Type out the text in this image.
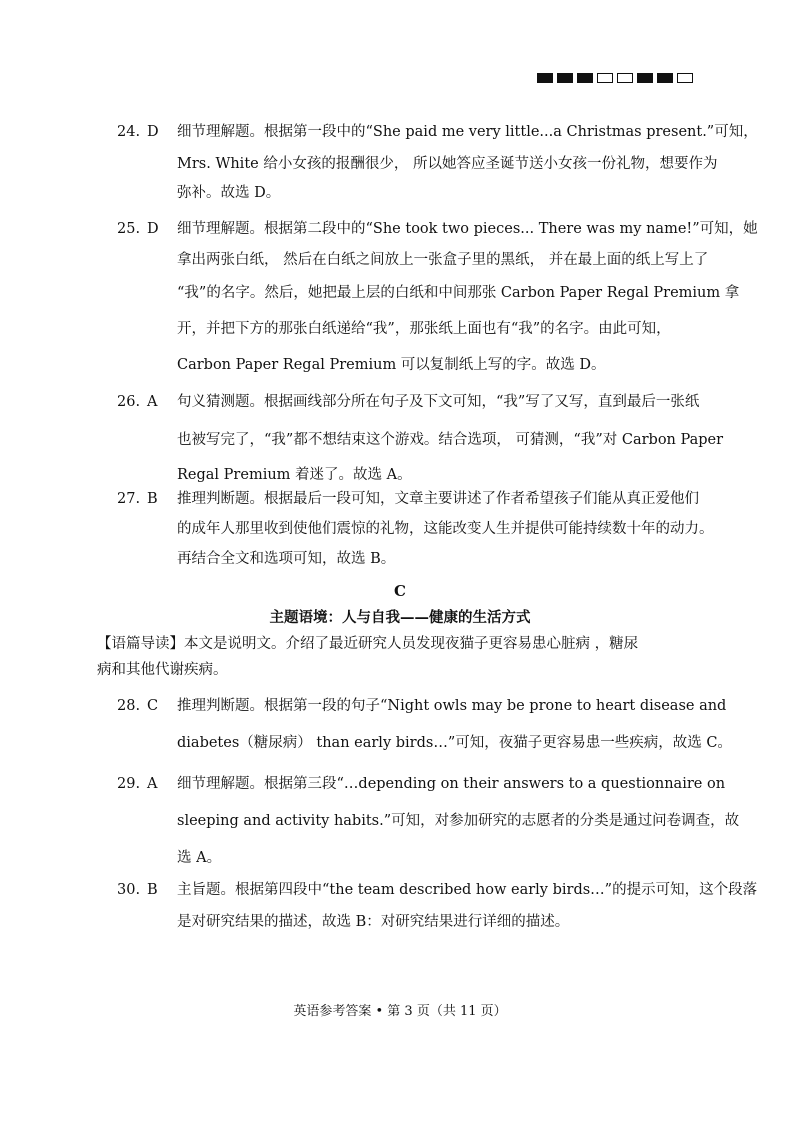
24. D	细节理解题。根据第一段中的“She paid me very little...a Christmas present.”可知，
Mrs. White 给小女孩的报酬很少， 所以她答应圣诞节送小女孩一份礼物，想要作为
弥补。故选 D。
25. D	细节理解题。根据第二段中的“She took two pieces... There was my name!”可知，她
拿出两张白纸， 然后在白纸之间放上一张盒子里的黑纸， 并在最上面的纸上写上了
“我”的名字。然后，她把最上层的白纸和中间那张 Carbon Paper Regal Premium 拿
开，并把下方的那张白纸递给“我”，那张纸上面也有“我”的名字。由此可知，
Carbon Paper Regal Premium 可以复制纸上写的字。故选 D。
26. A	句义猜测题。根据画线部分所在句子及下文可知，“我”写了又写，直到最后一张纸
也被写完了，“我”都不想结束这个游戏。结合选项， 可猜测，“我”对 Carbon Paper
Regal Premium 着迷了。故选 A。
27. B	推理判断题。根据最后一段可知，文章主要讲述了作者希望孩子们能从真正爱他们
的成年人那里收到使他们震惊的礼物，这能改变人生并提供可能持续数十年的动力。
再结合全文和选项可知，故选 B。
C
主题语境：人与自我——健康的生活方式
【语篇导读】本文是说明文。介绍了最近研究人员发现夜猫子更容易患心脏病 ，糖尿
病和其他代谢疾病。
28. C	推理判断题。根据第一段的句子“Night owls may be prone to heart disease and
diabetes（糖尿病） than early birds…”可知，夜猫子更容易患一些疾病，故选 C。
29. A	细节理解题。根据第三段“…depending on their answers to a questionnaire on
sleeping and activity habits.”可知，对参加研究的志愿者的分类是通过问卷调查，故
选 A。
30. B	主旨题。根据第四段中“the team described how early birds…”的提示可知，这个段落
是对研究结果的描述，故选 B：对研究结果进行详细的描述。
英语参考答案 • 第 3 页（共 11 页）
